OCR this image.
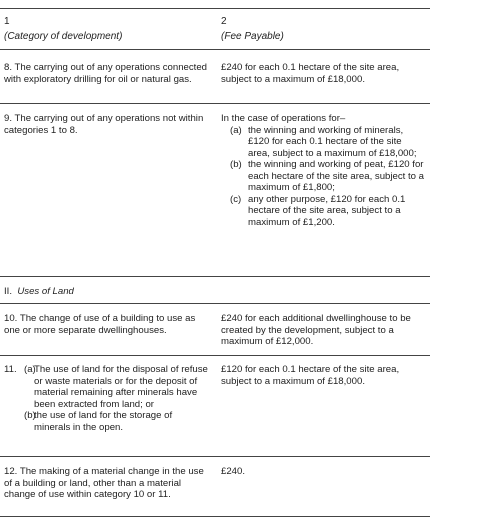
1
(Category of development)
2
(Fee Payable)

8. The carrying out of any operations connected with exploratory drilling for oil or natural gas.

£240 for each 0.1 hectare of the site area, subject to a maximum of £18,000.

9. The carrying out of any operations not within categories 1 to 8.

In the case of operations for–

(a) the winning and working of minerals, £120 for each 0.1 hectare of the site area, subject to a maximum of £18,000;
(b) the winning and working of peat, £120 for each hectare of the site area, subject to a maximum of £1,800;
(c) any other purpose, £120 for each 0.1 hectare of the site area, subject to a maximum of £1,200.
II. Uses of Land

10. The change of use of a building to use as one or more separate dwellinghouses.

£240 for each additional dwellinghouse to be created by the development, subject to a maximum of £12,000.

11. (a)
The use of land for the disposal of refuse or waste materials or for the deposit of material remaining after minerals have been extracted from land; or
(b)
the use of land for the storage of minerals in the open.

£120 for each 0.1 hectare of the site area, subject to a maximum of £18,000.

12. The making of a material change in the use of a building or land, other than a material change of use within category 10 or 11.

£240.
